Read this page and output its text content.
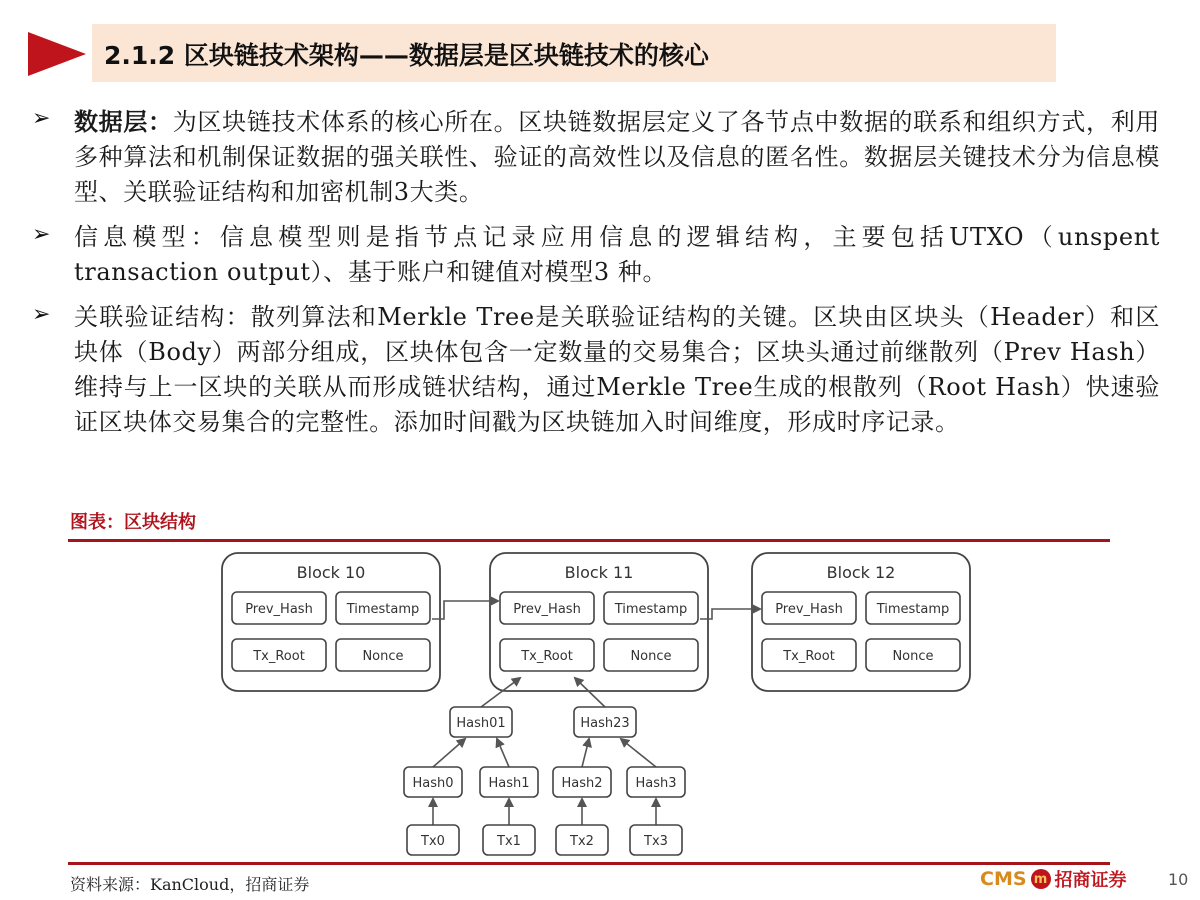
2.1.2 区块链技术架构——数据层是区块链技术的核心
➢ 数据层：为区块链技术体系的核心所在。区块链数据层定义了各节点中数据的联系和组织方式，利用多种算法和机制保证数据的强关联性、验证的高效性以及信息的匿名性。数据层关键技术分为信息模型、关联验证结构和加密机制3大类。
➢ 信息模型：信息模型则是指节点记录应用信息的逻辑结构，主要包括UTXO（unspent transaction output）、基于账户和键值对模型3 种。
➢ 关联验证结构：散列算法和Merkle Tree是关联验证结构的关键。区块由区块头（Header）和区块体（Body）两部分组成，区块体包含一定数量的交易集合；区块头通过前继散列（Prev Hash）维持与上一区块的关联从而形成链状结构，通过Merkle Tree生成的根散列（Root Hash）快速验证区块体交易集合的完整性。添加时间戳为区块链加入时间维度，形成时序记录。
图表：区块结构
Block 10
Prev_Hash	Timestamp
Tx_Root	Nonce
Block 11
Prev_Hash	Timestamp
Tx_Root	Nonce
Block 12
Prev_Hash	Timestamp
Tx_Root	Nonce
Hash01	Hash23
Hash0	Hash1 Hash2	Hash3
Tx0	Tx1	Tx2	Tx3
资料来源：KanCloud，招商证券	CMS m 招商证券	10
